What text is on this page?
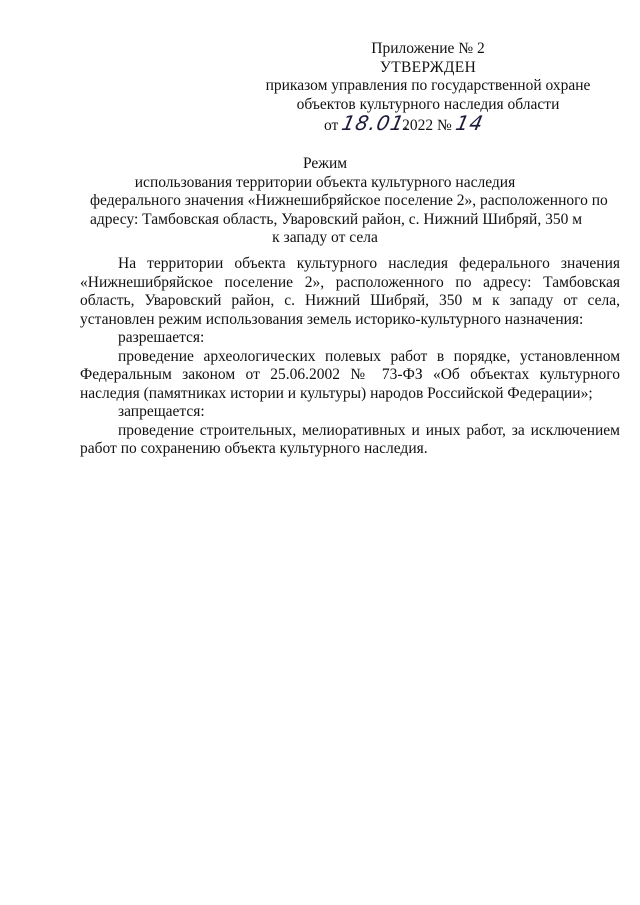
Приложение № 2
УТВЕРЖДЕН
приказом управления по государственной охране
объектов культурного наследия области
от 18.01. 2022 № 14
Режим
использования территории объекта культурного наследия
федерального значения «Нижнешибряйское поселение 2», расположенного по
адресу: Тамбовская область, Уваровский район, с. Нижний Шибряй, 350 м
к западу от села

На территории объекта культурного наследия федерального значения «Нижнешибряйское поселение 2», расположенного по адресу: Тамбовская область, Уваровский район, с. Нижний Шибряй, 350 м к западу от села, установлен режим использования земель историко-культурного назначения:

разрешается:

проведение археологических полевых работ в порядке, установленном Федеральным законом от 25.06.2002 № 73-ФЗ «Об объектах культурного наследия (памятниках истории и культуры) народов Российской Федерации»;

запрещается:

проведение строительных, мелиоративных и иных работ, за исключением работ по сохранению объекта культурного наследия.
